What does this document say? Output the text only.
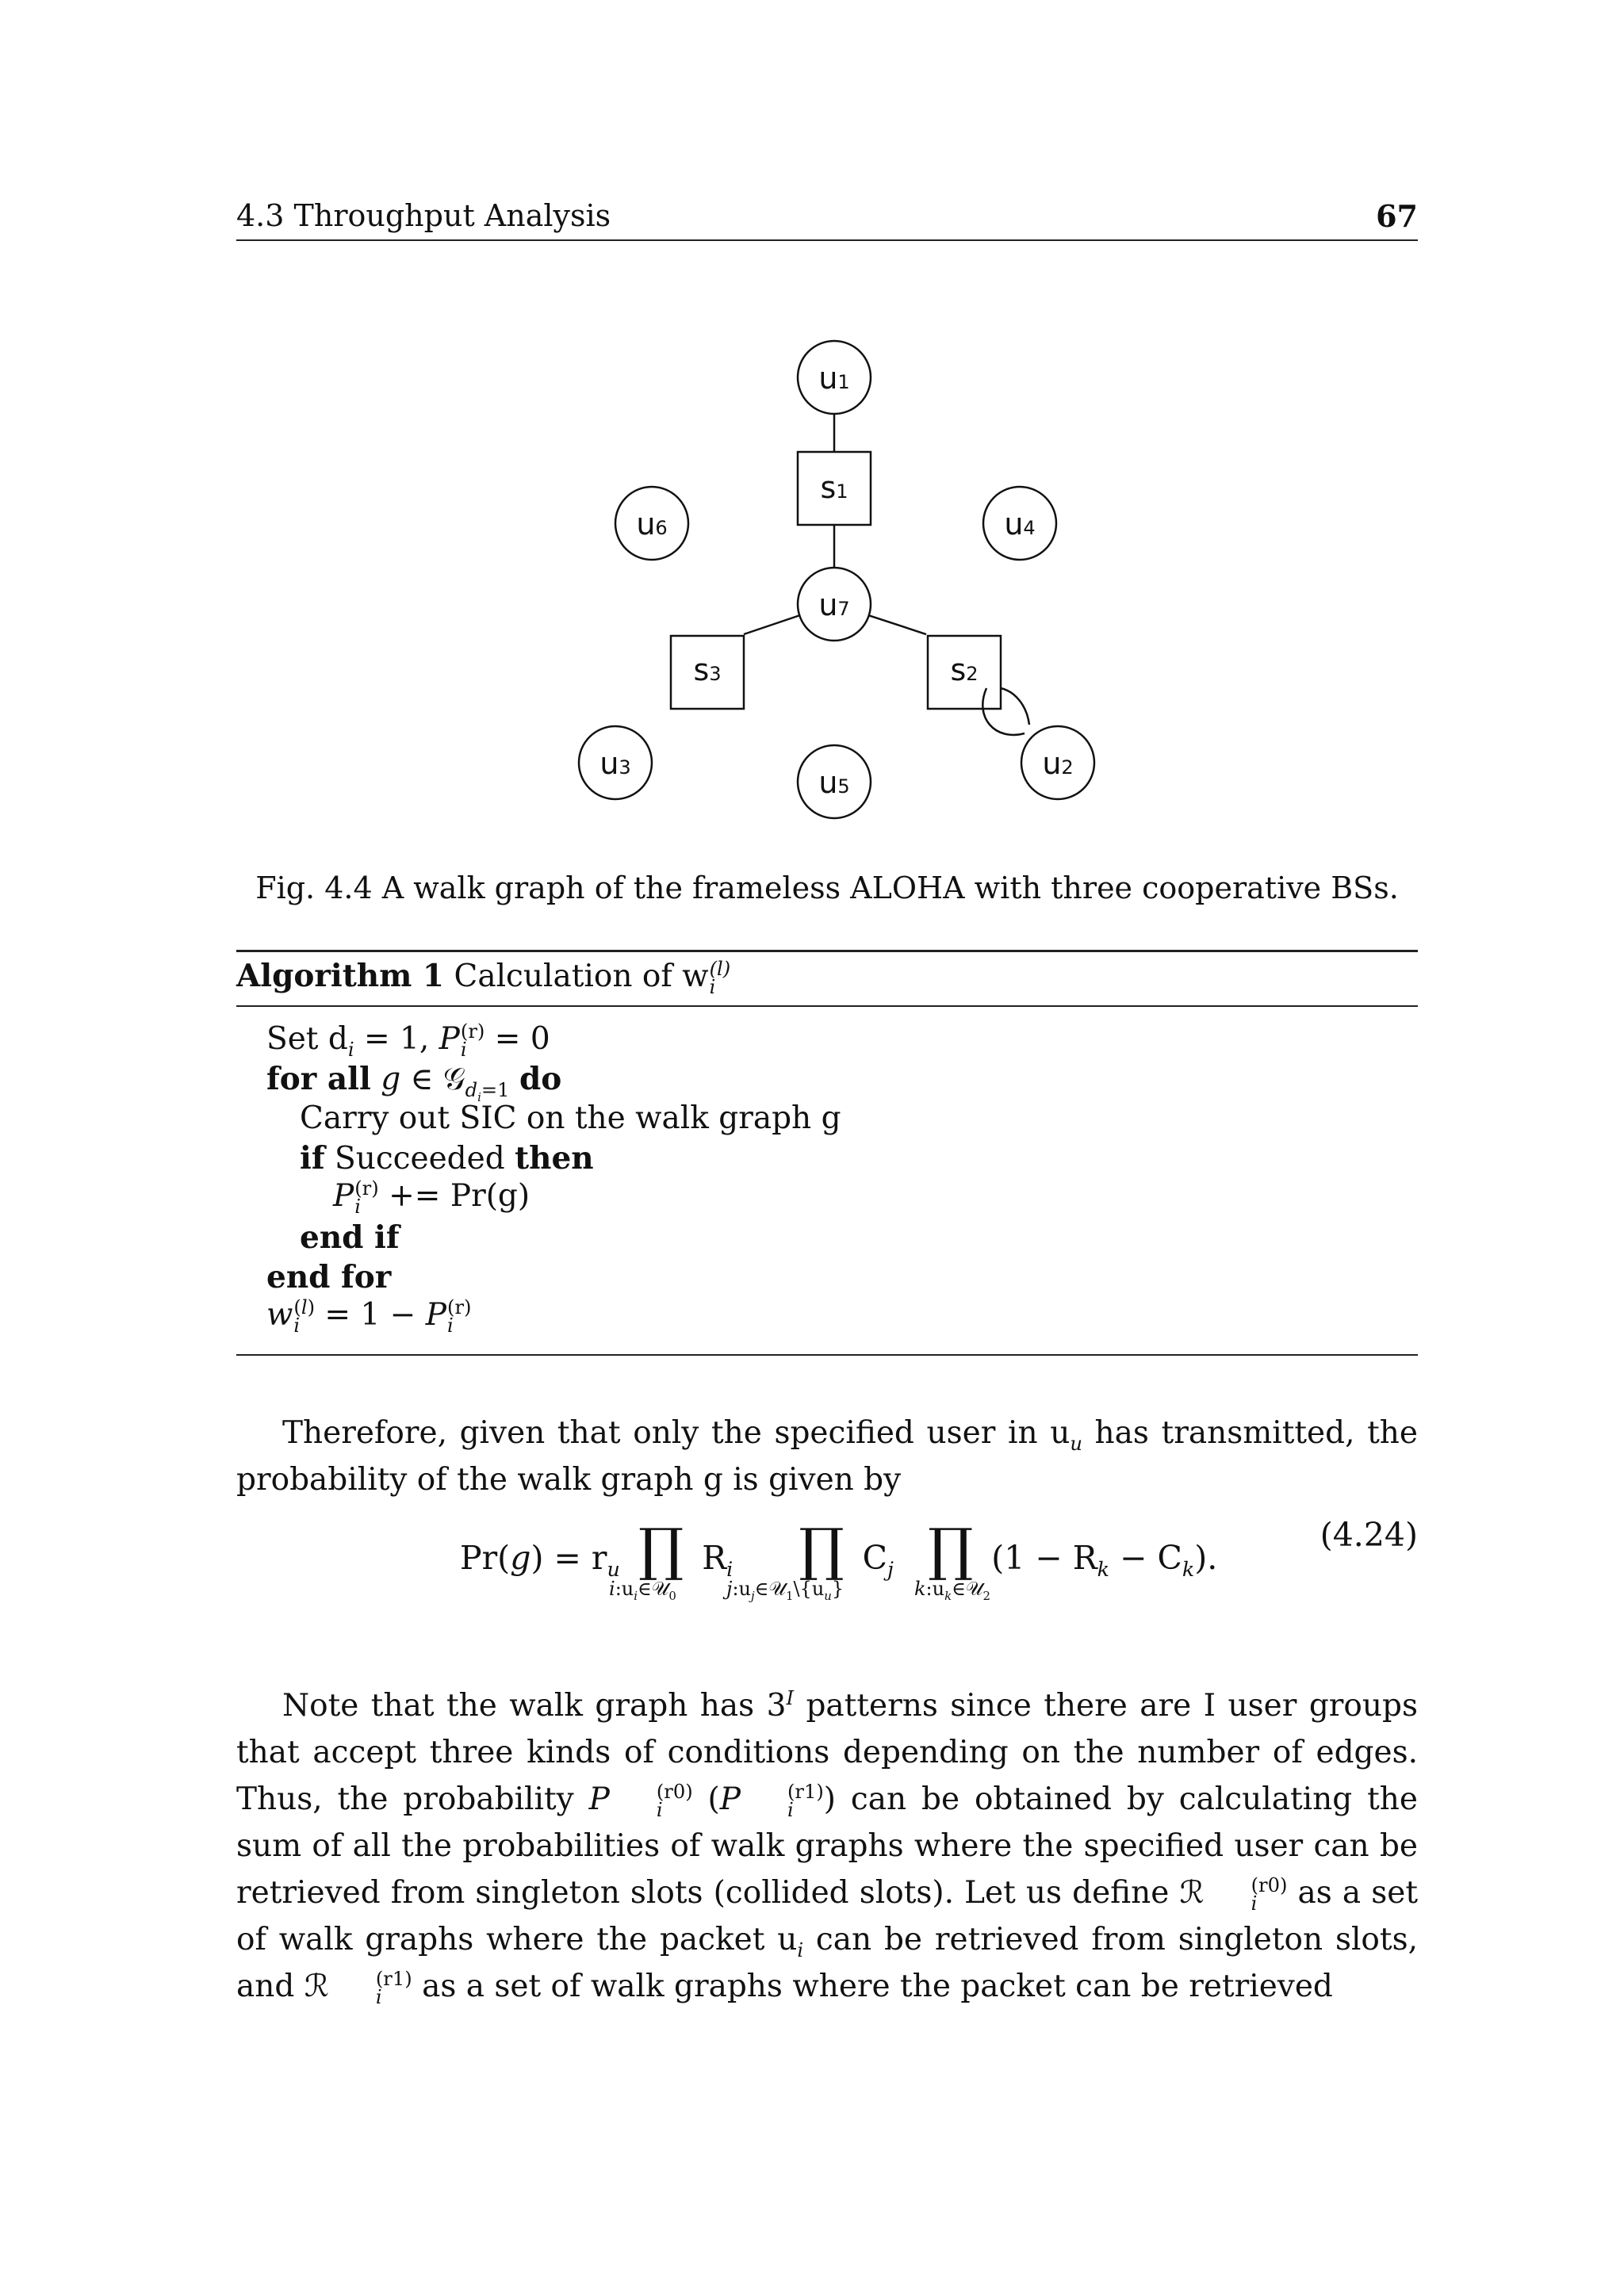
4.3 Throughput Analysis	67
u1
s1
u6	u4
u7
s3	s2
u3	u5
u2
Fig. 4.4 A walk graph of the frameless ALOHA with three cooperative BSs.
Algorithm 1 Calculation of w (l)
i
Set $d_i = 1$, P (r)
i = 0
for all g ∈ 𝒢$_{d_i=1}$ do
Carry out SIC on the walk graph g
if Succeeded then
P (r)
i += Pr(g)
end if
end for
w (l)
i = 1 − P (r)
i
Therefore, given that only the specified user in $u_u$ has transmitted, the probability of the walk graph g is given by
$Pr(g) = r_u$ ∏ $R_i$ ∏ $C_j$ ∏ $(1 - R_k - C_k)$.
$i:u_i\in 𝒰_0$	$j:u_j\in 𝒰_1\backslash\{u_u\}$	$k:u_k\in 𝒰_2$
(4.24)
Note that the walk graph has $3^I$ patterns since there are I user groups that accept three kinds of conditions depending on the number of edges. Thus, the probability P	(r0)
i (P	(r1)
i ) can be obtained by calculating the sum of all the probabilities of walk graphs where the specified user can be retrieved from singleton slots (collided slots). Let us define ℛ	(r0)
i	as a set of walk graphs where the packet $u_i$ can be retrieved from singleton slots, and ℛ	(r1)
i	as a set of walk graphs where the packet can be retrieved
